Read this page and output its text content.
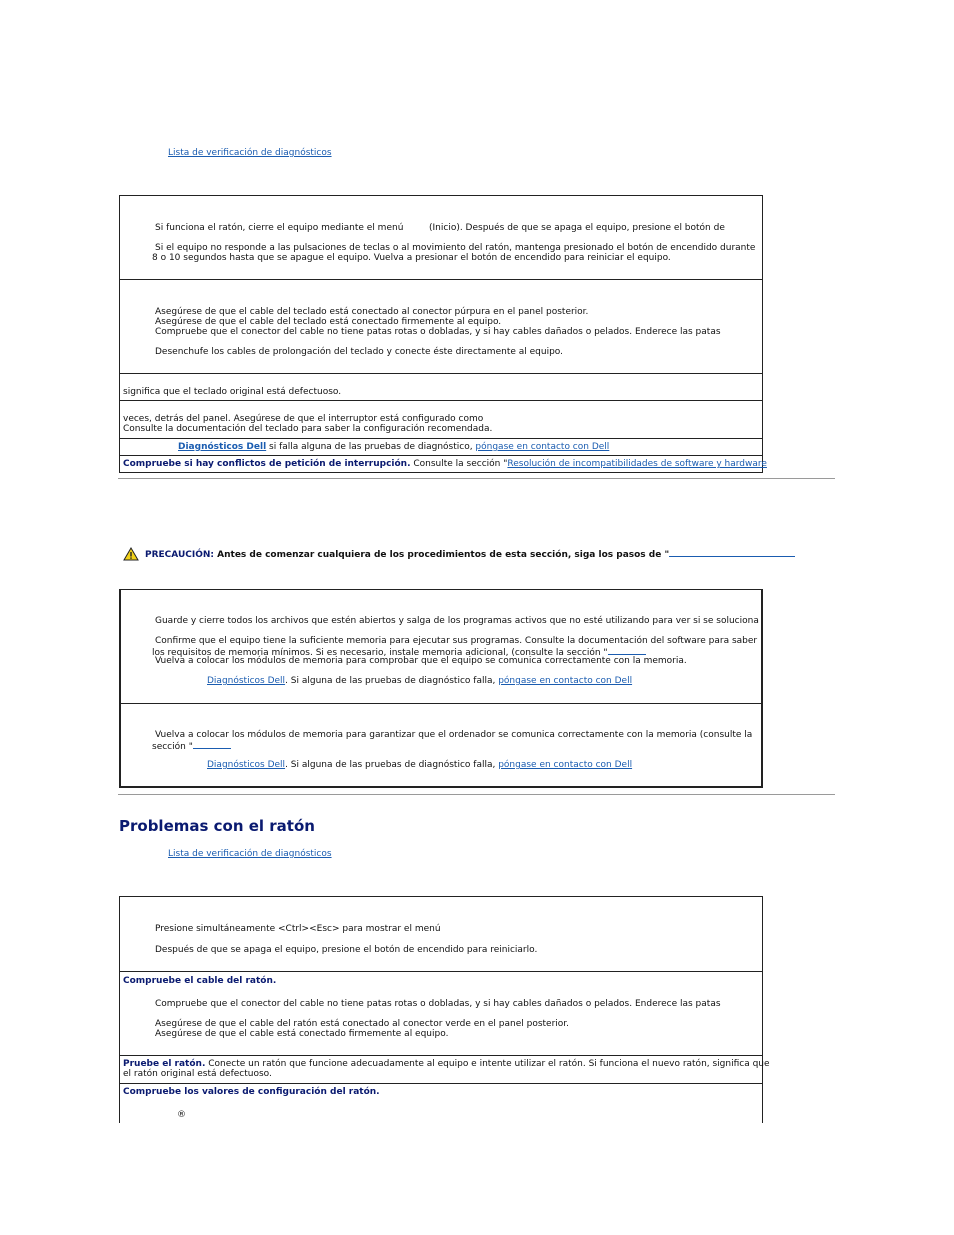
Lista de verificación de diagnósticos
Si funciona el ratón, cierre el equipo mediante el menú	(Inicio). Después de que se apaga el equipo, presione el botón de
Si el equipo no responde a las pulsaciones de teclas o al movimiento del ratón, mantenga presionado el botón de encendido durante
8 o 10 segundos hasta que se apague el equipo. Vuelva a presionar el botón de encendido para reiniciar el equipo.
Asegúrese de que el cable del teclado está conectado al conector púrpura en el panel posterior.
Asegúrese de que el cable del teclado está conectado firmemente al equipo.
Compruebe que el conector del cable no tiene patas rotas o dobladas, y si hay cables dañados o pelados. Enderece las patas
Desenchufe los cables de prolongación del teclado y conecte éste directamente al equipo.
significa que el teclado original está defectuoso.
veces, detrás del panel. Asegúrese de que el interruptor está configurado como
Consulte la documentación del teclado para saber la configuración recomendada.
Diagnósticos Dell si falla alguna de las pruebas de diagnóstico, póngase en contacto con Dell
Compruebe si hay conflictos de petición de interrupción. Consulte la sección "Resolución de incompatibilidades de software y hardware
PRECAUCIÓN: Antes de comenzar cualquiera de los procedimientos de esta sección, siga los pasos de "
Guarde y cierre todos los archivos que estén abiertos y salga de los programas activos que no esté utilizando para ver si se soluciona
Confirme que el equipo tiene la suficiente memoria para ejecutar sus programas. Consulte la documentación del software para saber
los requisitos de memoria mínimos. Si es necesario, instale memoria adicional, (consulte la sección "
Vuelva a colocar los módulos de memoria para comprobar que el equipo se comunica correctamente con la memoria.
Diagnósticos Dell. Si alguna de las pruebas de diagnóstico falla, póngase en contacto con Dell
Vuelva a colocar los módulos de memoria para garantizar que el ordenador se comunica correctamente con la memoria (consulte la
sección "
Diagnósticos Dell. Si alguna de las pruebas de diagnóstico falla, póngase en contacto con Dell
Problemas con el ratón
Lista de verificación de diagnósticos
Presione simultáneamente <Ctrl><Esc> para mostrar el menú
Después de que se apaga el equipo, presione el botón de encendido para reiniciarlo.
Compruebe el cable del ratón.
Compruebe que el conector del cable no tiene patas rotas o dobladas, y si hay cables dañados o pelados. Enderece las patas
Asegúrese de que el cable del ratón está conectado al conector verde en el panel posterior.
Asegúrese de que el cable está conectado firmemente al equipo.
Pruebe el ratón. Conecte un ratón que funcione adecuadamente al equipo e intente utilizar el ratón. Si funciona el nuevo ratón, significa que
el ratón original está defectuoso.
Compruebe los valores de configuración del ratón.
®
